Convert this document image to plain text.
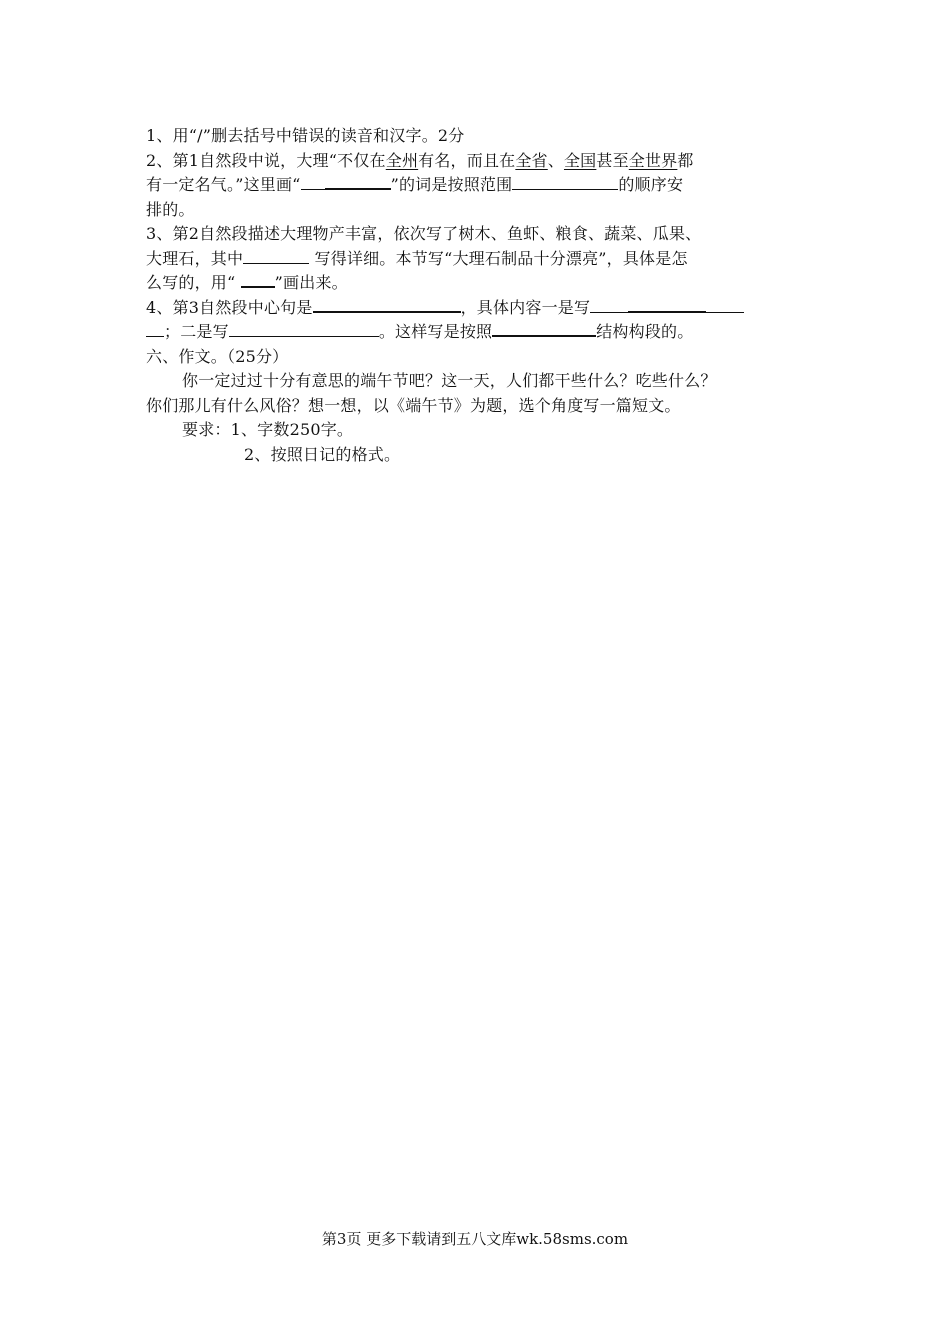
1、用“/”删去括号中错误的读音和汉字。2分
2、第1自然段中说，大理“不仅在全州有名，而且在全省、全国甚至全世界都
有一定名气。”这里画“	”的词是按照范围	的顺序安
排的。
3、第2自然段描述大理物产丰富，依次写了树木、鱼虾、粮食、蔬菜、瓜果、
大理石，其中	写得详细。本节写“大理石制品十分漂亮”，具体是怎
么写的，用“ ”画出来。
4、第3自然段中心句是	，具体内容一是写
；二是写	。这样写是按照	结构构段的。
六、作文。（25分）
你一定过过十分有意思的端午节吧？这一天，人们都干些什么？吃些什么？
你们那儿有什么风俗？想一想，以《端午节》为题，选个角度写一篇短文。
要求：1、字数250字。
2、按照日记的格式。
第3页 更多下载请到五八文库wk.58sms.com
